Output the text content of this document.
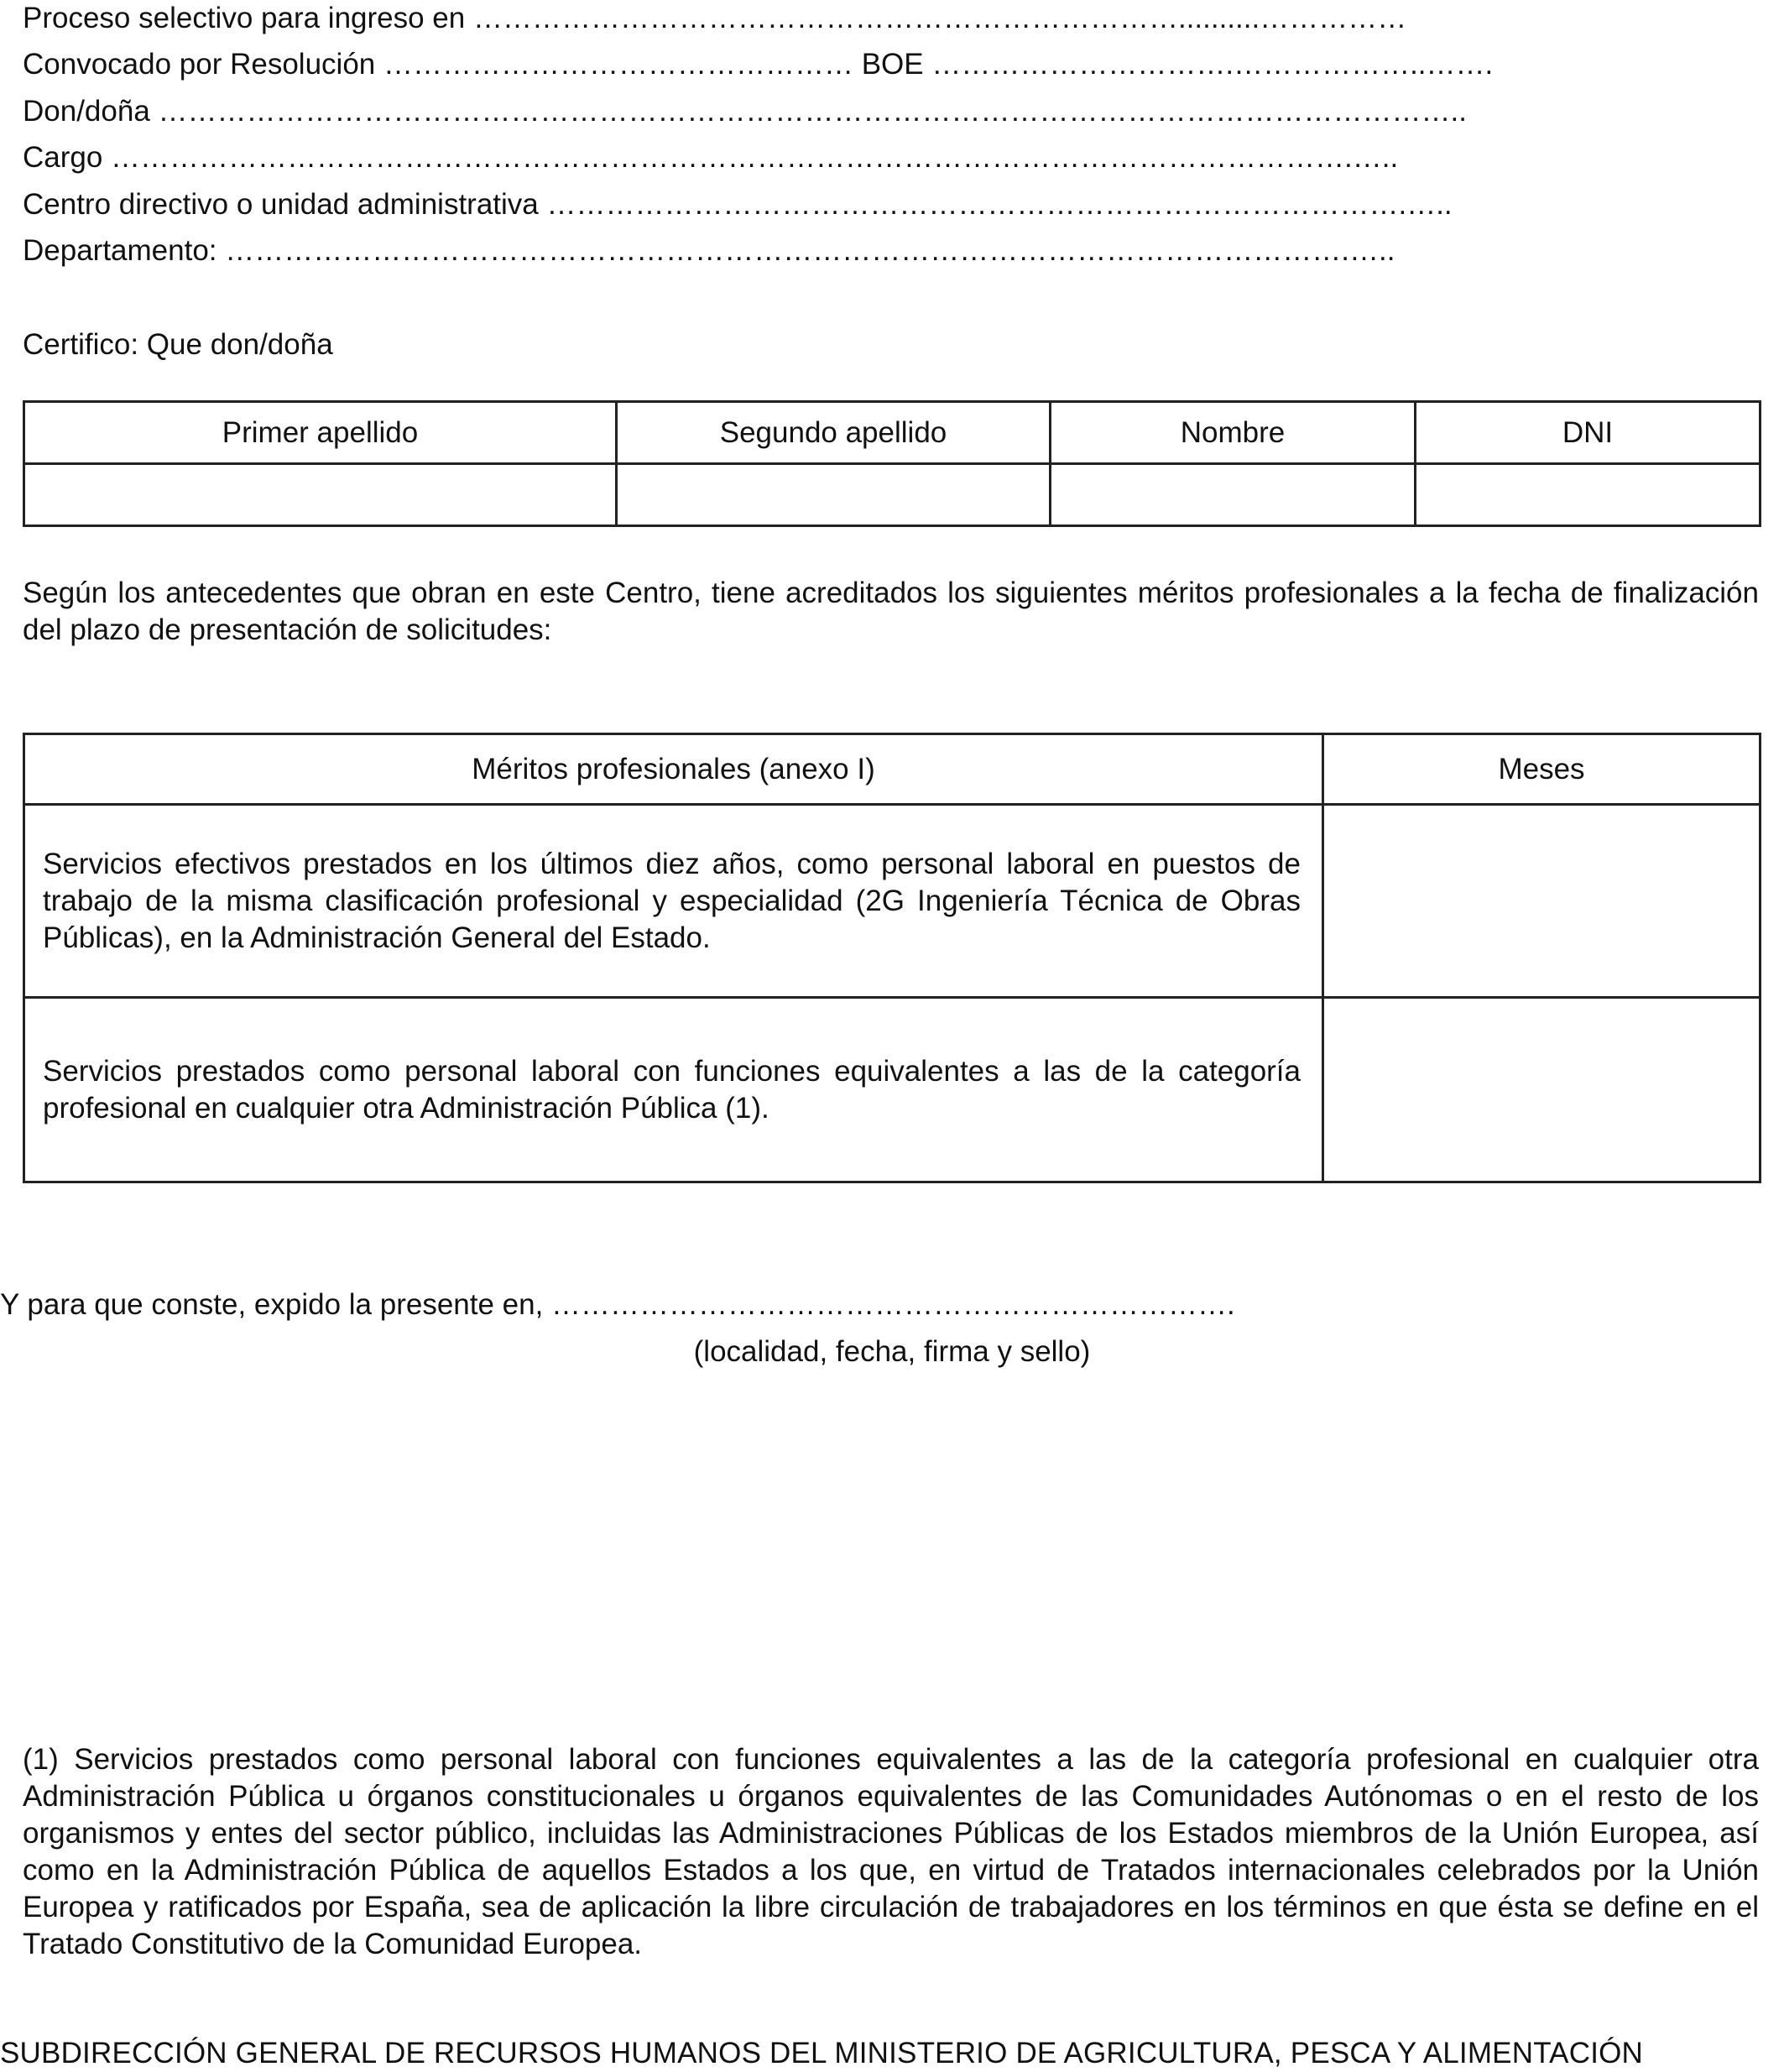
Proceso selectivo para ingreso en ………………………………………………………………..........……………
Convocado por Resolución ………………………………………… BOE ………………………….………………..…….
Don/doña ……………………………………………………………………………………………………………………..
Cargo ……………………………………………………………………………………………………………….…..
Centro directivo o unidad administrativa …………………………………………………………………………….…..
Departamento: …………………………………………………………………………………………………….…..
Certifico: Que don/doña
Primer apellido	Segundo apellido	Nombre	DNI

Según los antecedentes que obran en este Centro, tiene acreditados los siguientes méritos profesionales a la fecha de finalización del plazo de presentación de solicitudes:
Méritos profesionales (anexo I)	Meses
Servicios efectivos prestados en los últimos diez años, como personal laboral en puestos de trabajo de la misma clasificación profesional y especialidad (2G Ingeniería Técnica de Obras Públicas), en la Administración General del Estado.	
Servicios prestados como personal laboral con funciones equivalentes a las de la categoría profesional en cualquier otra Administración Pública (1).	
Y para que conste, expido la presente en, …………………………………………………………….
(localidad, fecha, firma y sello)
(1) Servicios prestados como personal laboral con funciones equivalentes a las de la categoría profesional en cualquier otra Administración Pública u órganos constitucionales u órganos equivalentes de las Comunidades Autónomas o en el resto de los organismos y entes del sector público, incluidas las Administraciones Públicas de los Estados miembros de la Unión Europea, así como en la Administración Pública de aquellos Estados a los que, en virtud de Tratados internacionales celebrados por la Unión Europea y ratificados por España, sea de aplicación la libre circulación de trabajadores en los términos en que ésta se define en el Tratado Constitutivo de la Comunidad Europea.
SUBDIRECCIÓN GENERAL DE RECURSOS HUMANOS DEL MINISTERIO DE AGRICULTURA, PESCA Y ALIMENTACIÓN
